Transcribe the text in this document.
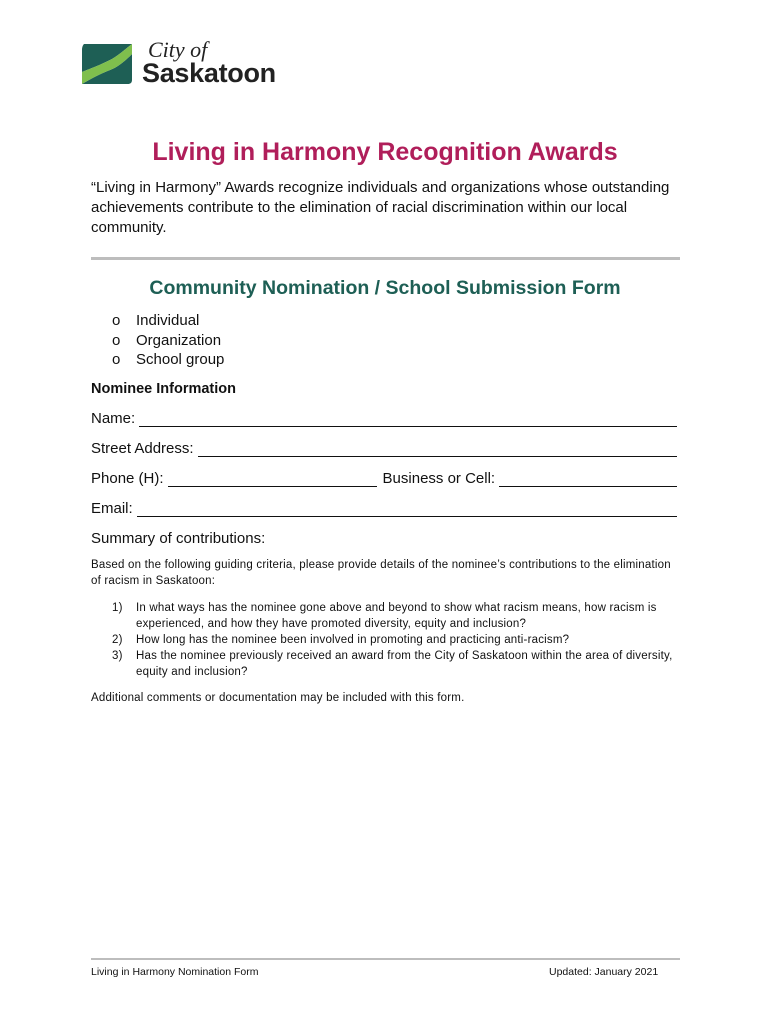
City of
Saskatoon
Living in Harmony Recognition Awards
“Living in Harmony” Awards recognize individuals and organizations whose outstanding achievements contribute to the elimination of racial discrimination within our local community.
Community Nomination / School Submission Form
o Individual
o Organization
o School group
Nominee Information
Name:
Street Address:
Phone (H):	Business or Cell:
Email:
Summary of contributions:
Based on the following guiding criteria, please provide details of the nominee’s contributions to the elimination of racism in Saskatoon:
1)	In what ways has the nominee gone above and beyond to show what racism means, how racism is experienced, and how they have promoted diversity, equity and inclusion?
2)	How long has the nominee been involved in promoting and practicing anti-racism?
3)	Has the nominee previously received an award from the City of Saskatoon within the area of diversity, equity and inclusion?
Additional comments or documentation may be included with this form.
Living in Harmony Nomination Form	Updated: January 2021
